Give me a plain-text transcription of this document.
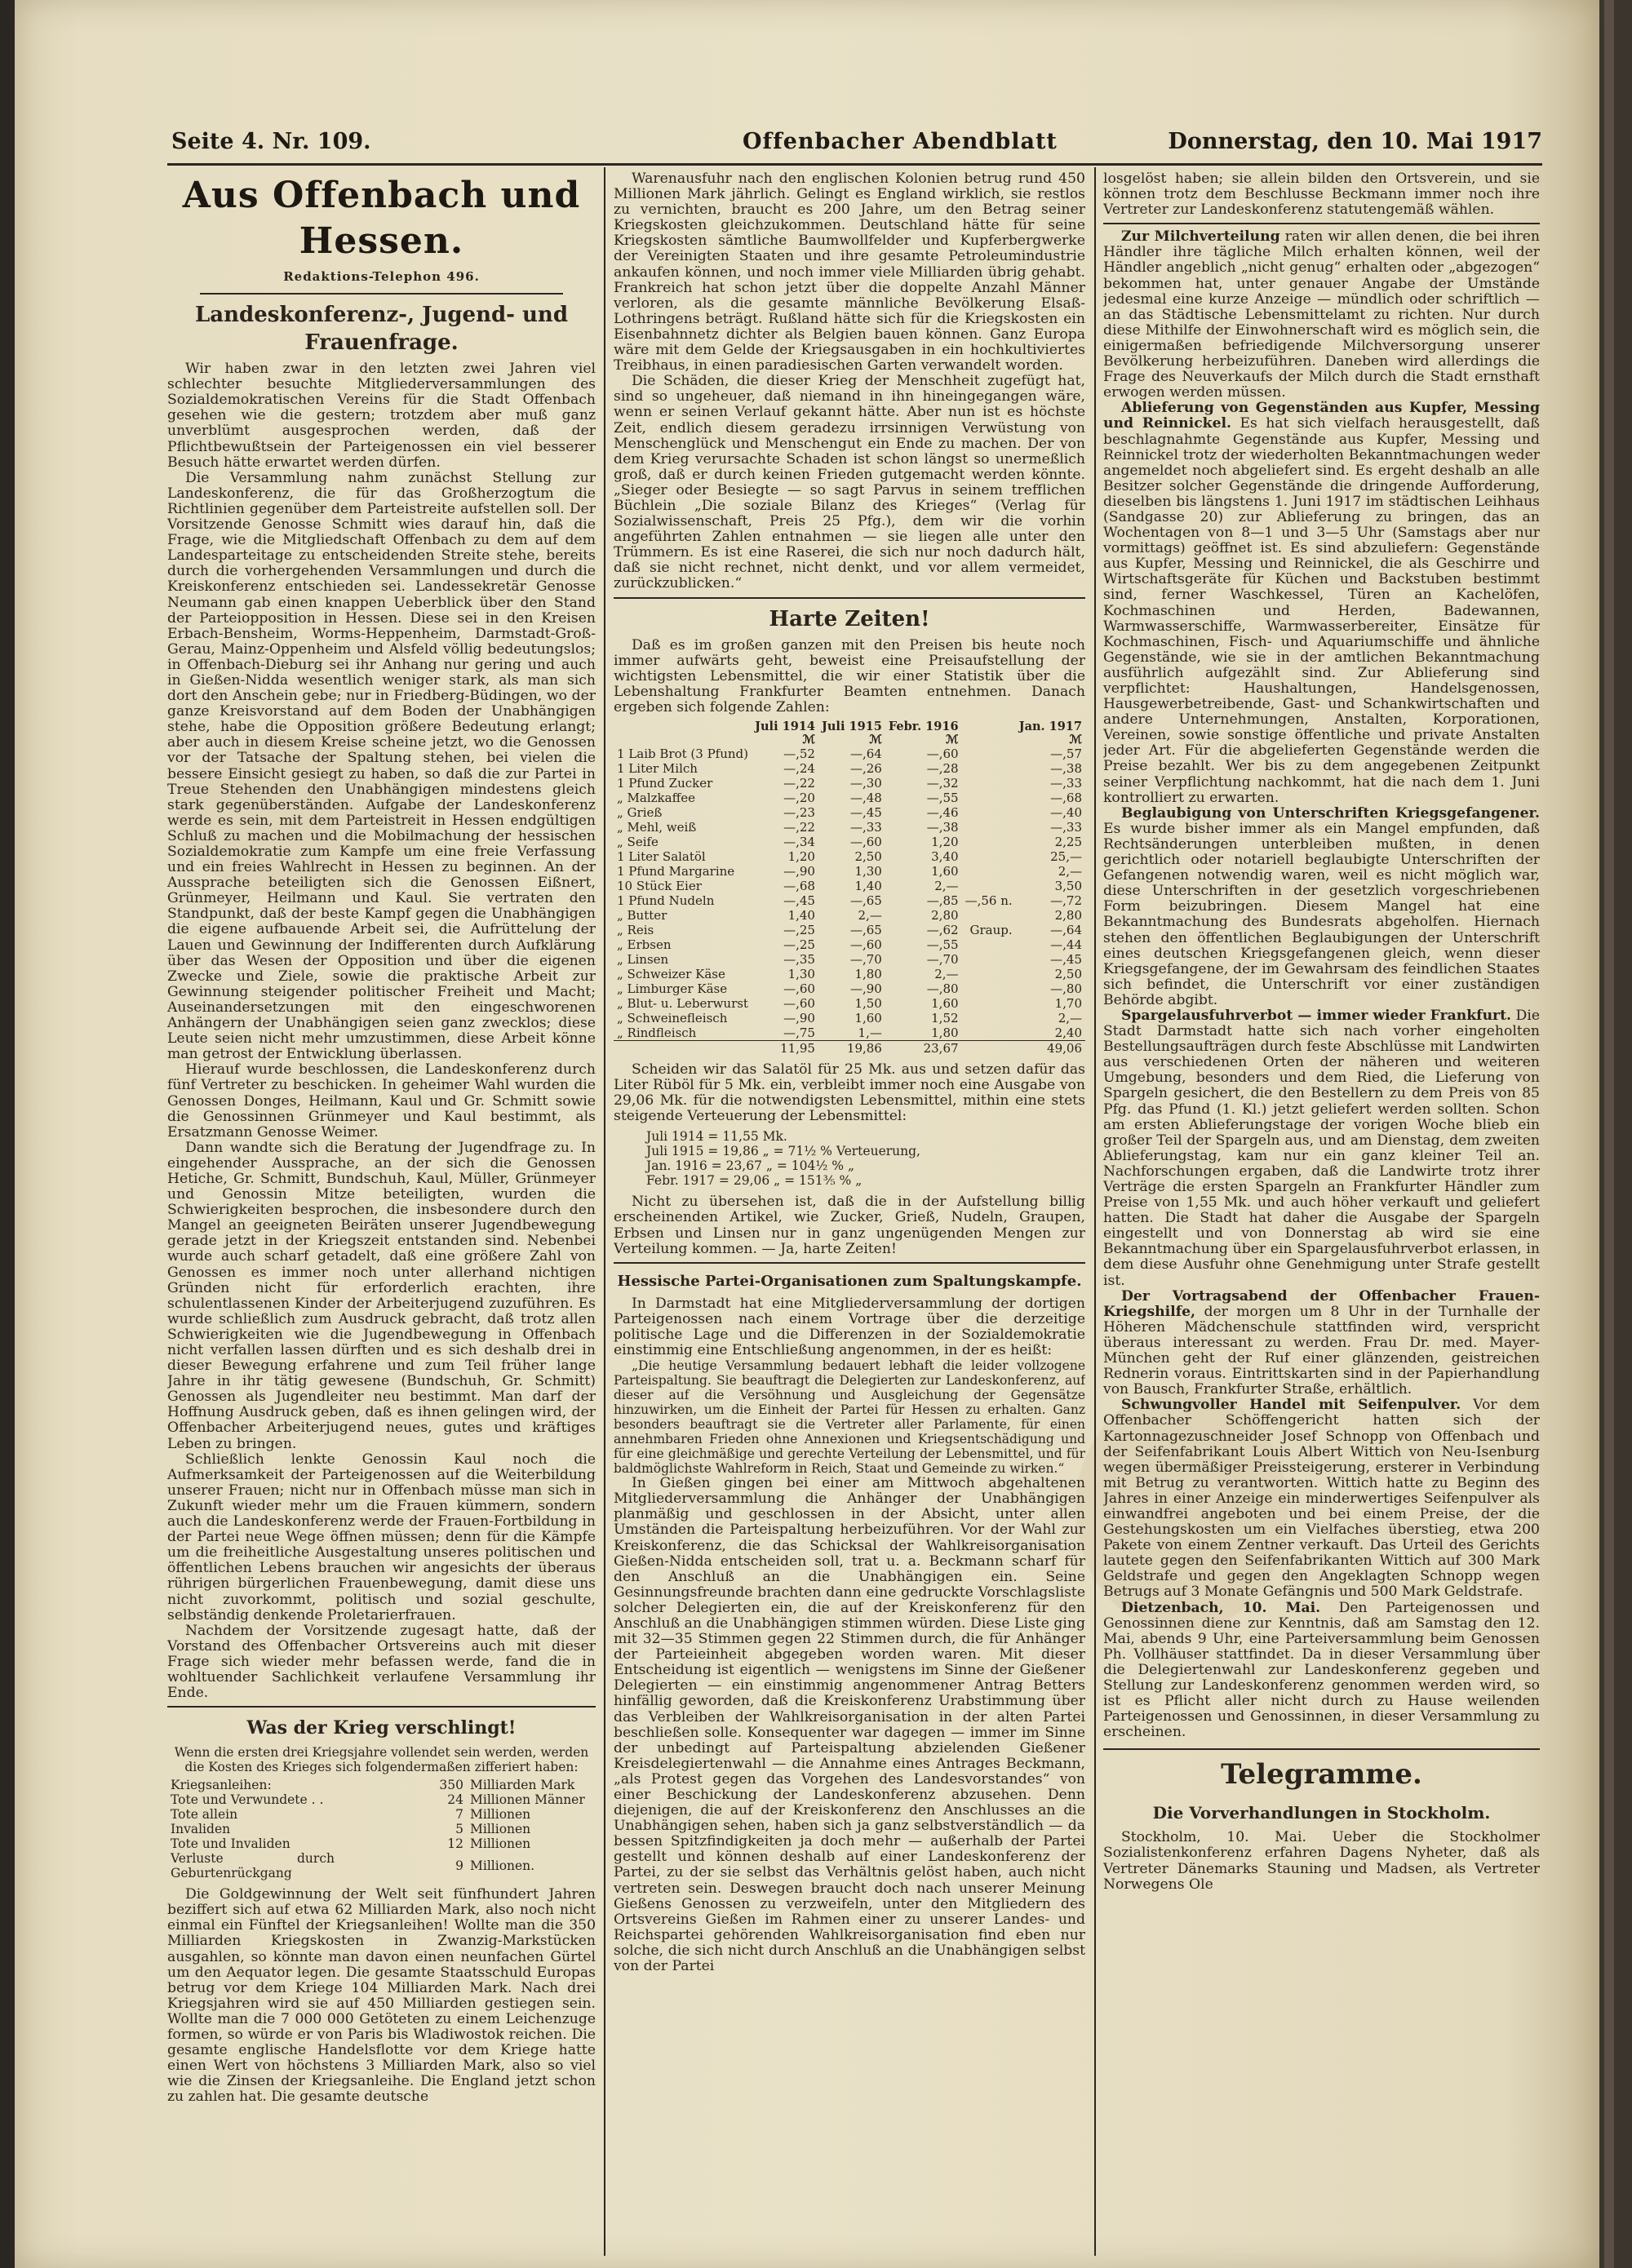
Seite 4. Nr. 109.	Offenbacher Abendblatt	Donnerstag, den 10. Mai 1917
Aus Offenbach und Hessen.
Redaktions-Telephon 496.
Landeskonferenz-, Jugend- und Frauenfrage.

Wir haben zwar in den letzten zwei Jahren viel schlechter besuchte Mitgliederversammlungen des Sozialdemokratischen Vereins für die Stadt Offenbach gesehen wie die gestern; trotzdem aber muß ganz unverblümt ausgesprochen werden, daß der Pflichtbewußtsein der Parteigenossen ein viel besserer Besuch hätte erwartet werden dürfen.

Die Versammlung nahm zunächst Stellung zur Landeskonferenz, die für das Großherzogtum die Richtlinien gegenüber dem Parteistreite aufstellen soll. Der Vorsitzende Genosse Schmitt wies darauf hin, daß die Frage, wie die Mitgliedschaft Offenbach zu dem auf dem Landesparteitage zu entscheidenden Streite stehe, bereits durch die vorhergehenden Versammlungen und durch die Kreiskonferenz entschieden sei. Landessekretär Genosse Neumann gab einen knappen Ueberblick über den Stand der Parteiopposition in Hessen. Diese sei in den Kreisen Erbach-Bensheim, Worms-Heppenheim, Darmstadt-Groß-Gerau, Mainz-Oppenheim und Alsfeld völlig bedeutungslos; in Offenbach-Dieburg sei ihr Anhang nur gering und auch in Gießen-Nidda wesentlich weniger stark, als man sich dort den Anschein gebe; nur in Friedberg-Büdingen, wo der ganze Kreisvorstand auf dem Boden der Unabhängigen stehe, habe die Opposition größere Bedeutung erlangt; aber auch in diesem Kreise scheine jetzt, wo die Genossen vor der Tatsache der Spaltung stehen, bei vielen die bessere Einsicht gesiegt zu haben, so daß die zur Partei in Treue Stehenden den Unabhängigen mindestens gleich stark gegenüberständen. Aufgabe der Landeskonferenz werde es sein, mit dem Parteistreit in Hessen endgültigen Schluß zu machen und die Mobilmachung der hessischen Sozialdemokratie zum Kampfe um eine freie Verfassung und ein freies Wahlrecht in Hessen zu beginnen. An der Aussprache beteiligten sich die Genossen Eißnert, Grünmeyer, Heilmann und Kaul. Sie vertraten den Standpunkt, daß der beste Kampf gegen die Unabhängigen die eigene aufbauende Arbeit sei, die Aufrüttelung der Lauen und Gewinnung der Indifferenten durch Aufklärung über das Wesen der Opposition und über die eigenen Zwecke und Ziele, sowie die praktische Arbeit zur Gewinnung steigender politischer Freiheit und Macht; Auseinandersetzungen mit den eingeschworenen Anhängern der Unabhängigen seien ganz zwecklos; diese Leute seien nicht mehr umzustimmen, diese Arbeit könne man getrost der Entwicklung überlassen.

Hierauf wurde beschlossen, die Landeskonferenz durch fünf Vertreter zu beschicken. In geheimer Wahl wurden die Genossen Donges, Heilmann, Kaul und Gr. Schmitt sowie die Genossinnen Grünmeyer und Kaul bestimmt, als Ersatzmann Genosse Weimer.

Dann wandte sich die Beratung der Jugendfrage zu. In eingehender Aussprache, an der sich die Genossen Hetiche, Gr. Schmitt, Bundschuh, Kaul, Müller, Grünmeyer und Genossin Mitze beteiligten, wurden die Schwierigkeiten besprochen, die insbesondere durch den Mangel an geeigneten Beiräten unserer Jugendbewegung gerade jetzt in der Kriegszeit entstanden sind. Nebenbei wurde auch scharf getadelt, daß eine größere Zahl von Genossen es immer noch unter allerhand nichtigen Gründen nicht für erforderlich erachten, ihre schulentlassenen Kinder der Arbeiterjugend zuzuführen. Es wurde schließlich zum Ausdruck gebracht, daß trotz allen Schwierigkeiten wie die Jugendbewegung in Offenbach nicht verfallen lassen dürften und es sich deshalb drei in dieser Bewegung erfahrene und zum Teil früher lange Jahre in ihr tätig gewesene (Bundschuh, Gr. Schmitt) Genossen als Jugendleiter neu bestimmt. Man darf der Hoffnung Ausdruck geben, daß es ihnen gelingen wird, der Offenbacher Arbeiterjugend neues, gutes und kräftiges Leben zu bringen.

Schließlich lenkte Genossin Kaul noch die Aufmerksamkeit der Parteigenossen auf die Weiterbildung unserer Frauen; nicht nur in Offenbach müsse man sich in Zukunft wieder mehr um die Frauen kümmern, sondern auch die Landeskonferenz werde der Frauen-Fortbildung in der Partei neue Wege öffnen müssen; denn für die Kämpfe um die freiheitliche Ausgestaltung unseres politischen und öffentlichen Lebens brauchen wir angesichts der überaus rührigen bürgerlichen Frauenbewegung, damit diese uns nicht zuvorkommt, politisch und sozial geschulte, selbständig denkende Proletarierfrauen.

Nachdem der Vorsitzende zugesagt hatte, daß der Vorstand des Offenbacher Ortsvereins auch mit dieser Frage sich wieder mehr befassen werde, fand die in wohltuender Sachlichkeit verlaufene Versammlung ihr Ende.

Was der Krieg verschlingt!

Wenn die ersten drei Kriegsjahre vollendet sein werden, werden die Kosten des Krieges sich folgendermaßen zifferiert haben:

Kriegsanleihen:	350	Milliarden Mark
Tote und Verwundete . .	24	Millionen Männer
Tote allein	7	Millionen
Invaliden	5	Millionen
Tote und Invaliden	12	Millionen
Verluste durch Geburtenrückgang	9	Millionen.

Die Goldgewinnung der Welt seit fünfhundert Jahren beziffert sich auf etwa 62 Milliarden Mark, also noch nicht einmal ein Fünftel der Kriegsanleihen! Wollte man die 350 Milliarden Kriegskosten in Zwanzig-Markstücken ausgahlen, so könnte man davon einen neunfachen Gürtel um den Aequator legen. Die gesamte Staatsschuld Europas betrug vor dem Kriege 104 Milliarden Mark. Nach drei Kriegsjahren wird sie auf 450 Milliarden gestiegen sein. Wollte man die 7 000 000 Getöteten zu einem Leichenzuge formen, so würde er von Paris bis Wladiwostok reichen. Die gesamte englische Handelsflotte vor dem Kriege hatte einen Wert von höchstens 3 Milliarden Mark, also so viel wie die Zinsen der Kriegsanleihe. Die England jetzt schon zu zahlen hat. Die gesamte deutsche

Warenausfuhr nach den englischen Kolonien betrug rund 450 Millionen Mark jährlich. Gelingt es England wirklich, sie restlos zu vernichten, braucht es 200 Jahre, um den Betrag seiner Kriegskosten gleichzukommen. Deutschland hätte für seine Kriegskosten sämtliche Baumwollfelder und Kupferbergwerke der Vereinigten Staaten und ihre gesamte Petroleumindustrie ankaufen können, und noch immer viele Milliarden übrig gehabt. Frankreich hat schon jetzt über die doppelte Anzahl Männer verloren, als die gesamte männliche Bevölkerung Elsaß-Lothringens beträgt. Rußland hätte sich für die Kriegskosten ein Eisenbahnnetz dichter als Belgien bauen können. Ganz Europa wäre mit dem Gelde der Kriegsausgaben in ein hochkultiviertes Treibhaus, in einen paradiesischen Garten verwandelt worden.

Die Schäden, die dieser Krieg der Menschheit zugefügt hat, sind so ungeheuer, daß niemand in ihn hineingegangen wäre, wenn er seinen Verlauf gekannt hätte. Aber nun ist es höchste Zeit, endlich diesem geradezu irrsinnigen Verwüstung von Menschenglück und Menschengut ein Ende zu machen. Der von dem Krieg verursachte Schaden ist schon längst so unermeßlich groß, daß er durch keinen Frieden gutgemacht werden könnte. „Sieger oder Besiegte — so sagt Parvus in seinem trefflichen Büchlein „Die soziale Bilanz des Krieges“ (Verlag für Sozialwissenschaft, Preis 25 Pfg.), dem wir die vorhin angeführten Zahlen entnahmen — sie liegen alle unter den Trümmern. Es ist eine Raserei, die sich nur noch dadurch hält, daß sie nicht rechnet, nicht denkt, und vor allem vermeidet, zurückzublicken.“

Harte Zeiten!

Daß es im großen ganzen mit den Preisen bis heute noch immer aufwärts geht, beweist eine Preisaufstellung der wichtigsten Lebensmittel, die wir einer Statistik über die Lebenshaltung Frankfurter Beamten entnehmen. Danach ergeben sich folgende Zahlen:

	Juli 1914	Juli 1915	Febr. 1916		Jan. 1917
	ℳ	ℳ	ℳ		ℳ
1 Laib Brot (3 Pfund)	—,52	—,64	—,60		—,57
1 Liter Milch	—,24	—,26	—,28		—,38
1 Pfund Zucker	—,22	—,30	—,32		—,33
„ Malzkaffee	—,20	—,48	—,55		—,68
„ Grieß	—,23	—,45	—,46		—,40
„ Mehl, weiß	—,22	—,33	—,38		—,33
„ Seife	—,34	—,60	1,20		2,25
1 Liter Salatöl	1,20	2,50	3,40		25,—
1 Pfund Margarine	—,90	1,30	1,60		2,—
10 Stück Eier	—,68	1,40	2,—		3,50
1 Pfund Nudeln	—,45	—,65	—,85	—,56 n.	—,72
„ Butter	1,40	2,—	2,80		2,80
„ Reis	—,25	—,65	—,62	Graup.	—,64
„ Erbsen	—,25	—,60	—,55		—,44
„ Linsen	—,35	—,70	—,70		—,45
„ Schweizer Käse	1,30	1,80	2,—		2,50
„ Limburger Käse	—,60	—,90	—,80		—,80
„ Blut- u. Leberwurst	—,60	1,50	1,60		1,70
„ Schweinefleisch	—,90	1,60	1,52		2,—
„ Rindfleisch	—,75	1,—	1,80		2,40
	11,95	19,86	23,67		49,06

Scheiden wir das Salatöl für 25 Mk. aus und setzen dafür das Liter Rüböl für 5 Mk. ein, verbleibt immer noch eine Ausgabe von 29,06 Mk. für die notwendigsten Lebensmittel, mithin eine stets steigende Verteuerung der Lebensmittel:

Juli 1914 = 11,55 Mk.
Juli 1915 = 19,86 „ = 71½ % Verteuerung,
Jan. 1916 = 23,67 „ = 104½ % „
Febr. 1917 = 29,06 „ = 151⅗ % „

Nicht zu übersehen ist, daß die in der Aufstellung billig erscheinenden Artikel, wie Zucker, Grieß, Nudeln, Graupen, Erbsen und Linsen nur in ganz ungenügenden Mengen zur Verteilung kommen. — Ja, harte Zeiten!

Hessische Partei-Organisationen zum Spaltungskampfe.

In Darmstadt hat eine Mitgliederversammlung der dortigen Parteigenossen nach einem Vortrage über die derzeitige politische Lage und die Differenzen in der Sozialdemokratie einstimmig eine Entschließung angenommen, in der es heißt:

„Die heutige Versammlung bedauert lebhaft die leider vollzogene Parteispaltung. Sie beauftragt die Delegierten zur Landeskonferenz, auf dieser auf die Versöhnung und Ausgleichung der Gegensätze hinzuwirken, um die Einheit der Partei für Hessen zu erhalten. Ganz besonders beauftragt sie die Vertreter aller Parlamente, für einen annehmbaren Frieden ohne Annexionen und Kriegsentschädigung und für eine gleichmäßige und gerechte Verteilung der Lebensmittel, und für baldmöglichste Wahlreform in Reich, Staat und Gemeinde zu wirken.“

In Gießen gingen bei einer am Mittwoch abgehaltenen Mitgliederversammlung die Anhänger der Unabhängigen planmäßig und geschlossen in der Absicht, unter allen Umständen die Parteispaltung herbeizuführen. Vor der Wahl zur Kreiskonferenz, die das Schicksal der Wahlkreisorganisation Gießen-Nidda entscheiden soll, trat u. a. Beckmann scharf für den Anschluß an die Unabhängigen ein. Seine Gesinnungsfreunde brachten dann eine gedruckte Vorschlagsliste solcher Delegierten ein, die auf der Kreiskonferenz für den Anschluß an die Unabhängigen stimmen würden. Diese Liste ging mit 32—35 Stimmen gegen 22 Stimmen durch, die für Anhänger der Parteieinheit abgegeben worden waren. Mit dieser Entscheidung ist eigentlich — wenigstens im Sinne der Gießener Delegierten — ein einstimmig angenommener Antrag Betters hinfällig geworden, daß die Kreiskonferenz Urabstimmung über das Verbleiben der Wahlkreisorganisation in der alten Partei beschließen solle. Konsequenter war dagegen — immer im Sinne der unbedingt auf Parteispaltung abzielenden Gießener Kreisdelegiertenwahl — die Annahme eines Antrages Beckmann, „als Protest gegen das Vorgehen des Landesvorstandes“ von einer Beschickung der Landeskonferenz abzusehen. Denn diejenigen, die auf der Kreiskonferenz den Anschlusses an die Unabhängigen sehen, haben sich ja ganz selbstverständlich — da bessen Spitzfindigkeiten ja doch mehr — außerhalb der Partei gestellt und können deshalb auf einer Landeskonferenz der Partei, zu der sie selbst das Verhältnis gelöst haben, auch nicht vertreten sein. Deswegen braucht doch nach unserer Meinung Gießens Genossen zu verzweifeln, unter den Mitgliedern des Ortsvereins Gießen im Rahmen einer zu unserer Landes- und Reichspartei gehörenden Wahlkreisorganisation find eben nur solche, die sich nicht durch Anschluß an die Unabhängigen selbst von der Partei

losgelöst haben; sie allein bilden den Ortsverein, und sie können trotz dem Beschlusse Beckmann immer noch ihre Vertreter zur Landeskonferenz statutengemäß wählen.

Zur Milchverteilung raten wir allen denen, die bei ihren Händler ihre tägliche Milch erhalten können, weil der Händler angeblich „nicht genug“ erhalten oder „abgezogen“ bekommen hat, unter genauer Angabe der Umstände jedesmal eine kurze Anzeige — mündlich oder schriftlich — an das Städtische Lebensmittelamt zu richten. Nur durch diese Mithilfe der Einwohnerschaft wird es möglich sein, die einigermaßen befriedigende Milchversorgung unserer Bevölkerung herbeizuführen. Daneben wird allerdings die Frage des Neuverkaufs der Milch durch die Stadt ernsthaft erwogen werden müssen.

Ablieferung von Gegenständen aus Kupfer, Messing und Reinnickel. Es hat sich vielfach herausgestellt, daß beschlagnahmte Gegenstände aus Kupfer, Messing und Reinnickel trotz der wiederholten Bekanntmachungen weder angemeldet noch abgeliefert sind. Es ergeht deshalb an alle Besitzer solcher Gegenstände die dringende Aufforderung, dieselben bis längstens 1. Juni 1917 im städtischen Leihhaus (Sandgasse 20) zur Ablieferung zu bringen, das an Wochentagen von 8—1 und 3—5 Uhr (Samstags aber nur vormittags) geöffnet ist. Es sind abzuliefern: Gegenstände aus Kupfer, Messing und Reinnickel, die als Geschirre und Wirtschaftsgeräte für Küchen und Backstuben bestimmt sind, ferner Waschkessel, Türen an Kachelöfen, Kochmaschinen und Herden, Badewannen, Warmwasserschiffe, Warmwasserbereiter, Einsätze für Kochmaschinen, Fisch- und Aquariumschiffe und ähnliche Gegenstände, wie sie in der amtlichen Bekanntmachung ausführlich aufgezählt sind. Zur Ablieferung sind verpflichtet: Haushaltungen, Handelsgenossen, Hausgewerbetreibende, Gast- und Schankwirtschaften und andere Unternehmungen, Anstalten, Korporationen, Vereinen, sowie sonstige öffentliche und private Anstalten jeder Art. Für die abgelieferten Gegenstände werden die Preise bezahlt. Wer bis zu dem angegebenen Zeitpunkt seiner Verpflichtung nachkommt, hat die nach dem 1. Juni kontrolliert zu erwarten.

Beglaubigung von Unterschriften Kriegsgefangener. Es wurde bisher immer als ein Mangel empfunden, daß Rechtsänderungen unterbleiben mußten, in denen gerichtlich oder notariell beglaubigte Unterschriften der Gefangenen notwendig waren, weil es nicht möglich war, diese Unterschriften in der gesetzlich vorgeschriebenen Form beizubringen. Diesem Mangel hat eine Bekanntmachung des Bundesrats abgeholfen. Hiernach stehen den öffentlichen Beglaubigungen der Unterschrift eines deutschen Kriegsgefangenen gleich, wenn dieser Kriegsgefangene, der im Gewahrsam des feindlichen Staates sich befindet, die Unterschrift vor einer zuständigen Behörde abgibt.

Spargelausfuhrverbot — immer wieder Frankfurt. Die Stadt Darmstadt hatte sich nach vorher eingeholten Bestellungsaufträgen durch feste Abschlüsse mit Landwirten aus verschiedenen Orten der näheren und weiteren Umgebung, besonders und dem Ried, die Lieferung von Spargeln gesichert, die den Bestellern zu dem Preis von 85 Pfg. das Pfund (1. Kl.) jetzt geliefert werden sollten. Schon am ersten Ablieferungstage der vorigen Woche blieb ein großer Teil der Spargeln aus, und am Dienstag, dem zweiten Ablieferungstag, kam nur ein ganz kleiner Teil an. Nachforschungen ergaben, daß die Landwirte trotz ihrer Verträge die ersten Spargeln an Frankfurter Händler zum Preise von 1,55 Mk. und auch höher verkauft und geliefert hatten. Die Stadt hat daher die Ausgabe der Spargeln eingestellt und von Donnerstag ab wird sie eine Bekanntmachung über ein Spargelausfuhrverbot erlassen, in dem diese Ausfuhr ohne Genehmigung unter Strafe gestellt ist.

Der Vortragsabend der Offenbacher Frauen-Kriegshilfe, der morgen um 8 Uhr in der Turnhalle der Höheren Mädchenschule stattfinden wird, verspricht überaus interessant zu werden. Frau Dr. med. Mayer-München geht der Ruf einer glänzenden, geistreichen Rednerin voraus. Eintrittskarten sind in der Papierhandlung von Bausch, Frankfurter Straße, erhältlich.

Schwungvoller Handel mit Seifenpulver. Vor dem Offenbacher Schöffengericht hatten sich der Kartonnagezuschneider Josef Schnopp von Offenbach und der Seifenfabrikant Louis Albert Wittich von Neu-Isenburg wegen übermäßiger Preissteigerung, ersterer in Verbindung mit Betrug zu verantworten. Wittich hatte zu Beginn des Jahres in einer Anzeige ein minderwertiges Seifenpulver als einwandfrei angeboten und bei einem Preise, der die Gestehungskosten um ein Vielfaches überstieg, etwa 200 Pakete von einem Zentner verkauft. Das Urteil des Gerichts lautete gegen den Seifenfabrikanten Wittich auf 300 Mark Geldstrafe und gegen den Angeklagten Schnopp wegen Betrugs auf 3 Monate Gefängnis und 500 Mark Geldstrafe.

Dietzenbach, 10. Mai. Den Parteigenossen und Genossinnen diene zur Kenntnis, daß am Samstag den 12. Mai, abends 9 Uhr, eine Parteiversammlung beim Genossen Ph. Vollhäuser stattfindet. Da in dieser Versammlung über die Delegiertenwahl zur Landeskonferenz gegeben und Stellung zur Landeskonferenz genommen werden wird, so ist es Pflicht aller nicht durch zu Hause weilenden Parteigenossen und Genossinnen, in dieser Versammlung zu erscheinen.

Telegramme.
Die Vorverhandlungen in Stockholm.

Stockholm, 10. Mai. Ueber die Stockholmer Sozialistenkonferenz erfahren Dagens Nyheter, daß als Vertreter Dänemarks Stauning und Madsen, als Vertreter Norwegens Ole
